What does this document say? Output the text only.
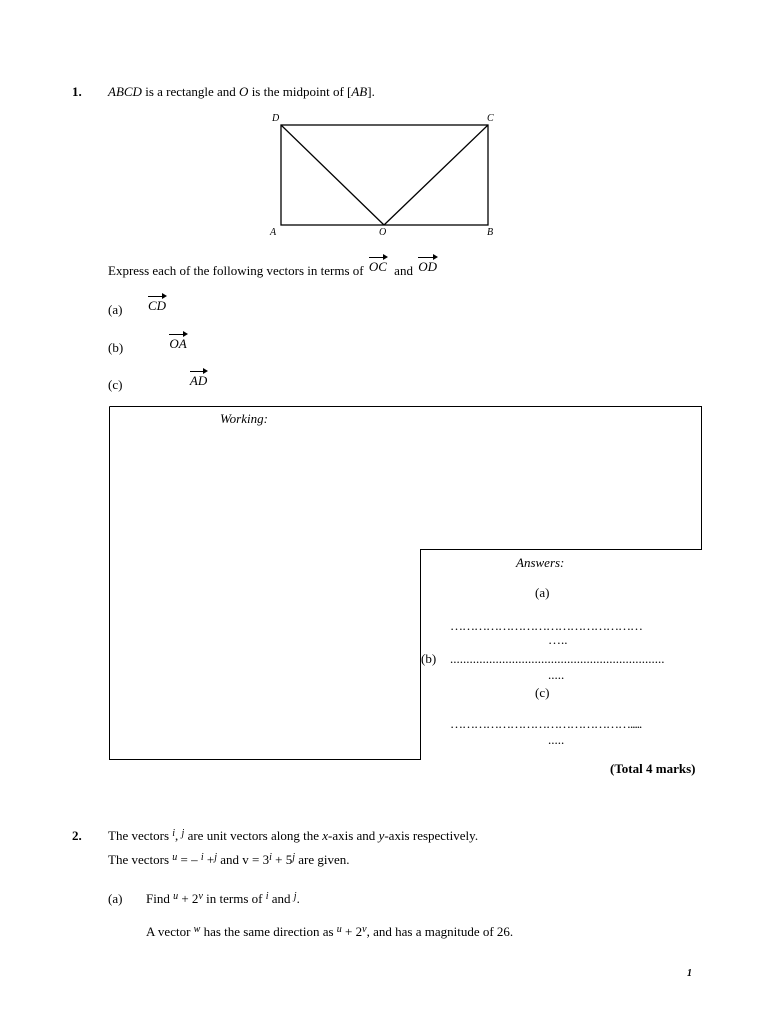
1. ABCD is a rectangle and O is the midpoint of [AB].
D	C
A	O	B
Express each of the following vectors in terms of OC and OD
(a) CD
(b)	OA
(c)	AD
Working:
Answers:
(a)
…………………………………………
…..
(b) ..................................................................
.....
(c)
……………………………………….....
.....
(Total 4 marks)
2. The vectors $^i$, $^j$ are unit vectors along the x-axis and y-axis respectively.
The vectors $^u$ = – $^i$ +$^j$ and $v = 3^i + 5^j$ are given.
(a) Find $^u + 2^v$ in terms of $^i$ and $^j$.
A vector $^w$ has the same direction as $^u + 2^v$, and has a magnitude of 26.
1
